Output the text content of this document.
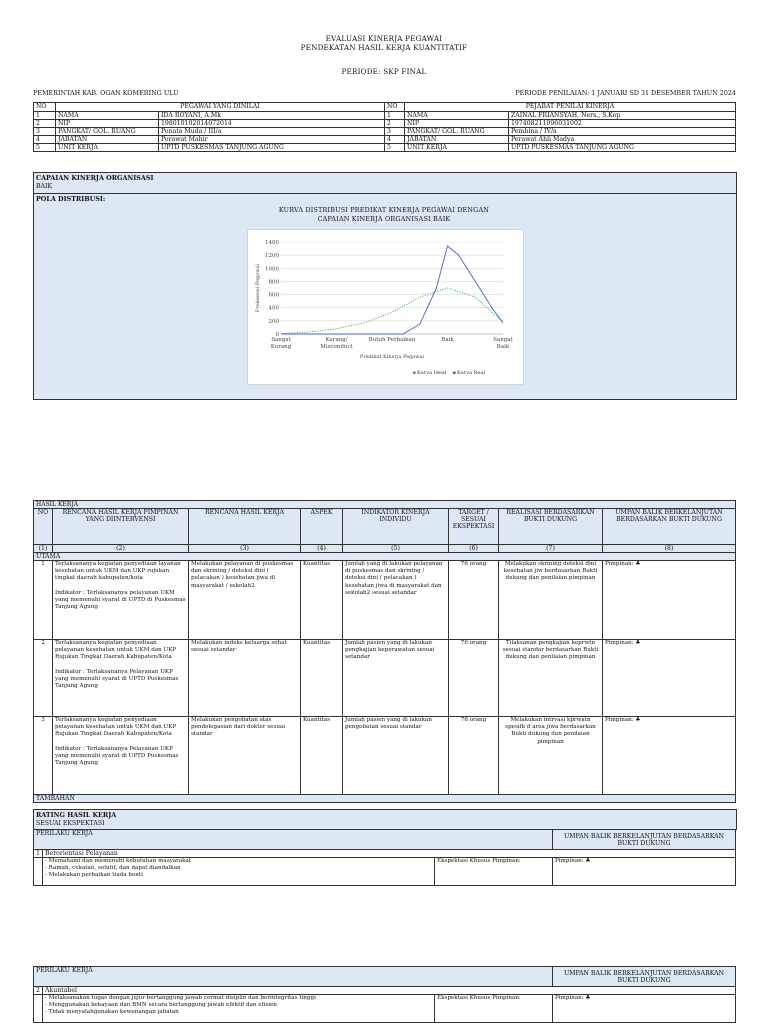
EVALUASI KINERJA PEGAWAI
PENDEKATAN HASIL KERJA KUANTITATIF
PERIODE: SKP FINAL
PEMERINTAH KAB. OGAN KOMERING ULU	PERIODE PENILAIAN: 1 JANUARI SD 31 DESEMBER TAHUN 2024
NO	PEGAWAI YANG DINILAI		NO	PEJABAT PENILAI KINERJA	
1	NAMA	IDA ROYANI, A.Mk	1	NAMA	ZAINAL FRIANSYAH, Ners., S.Kep
2	NIP	198010102014072014	2	NIP	197408211996031002
3	PANGKAT/ GOL. RUANG	Penata Muda / III/a	3	PANGKAT/ GOL. RUANG	Pembina / IV/a
4	JABATAN	Perawat Mahir	4	JABATAN	Perawat Ahli Madya
5	UNIT KERJA	UPTD PUSKESMAS TANJUNG AGUNG	5	UNIT KERJA	UPTD PUSKESMAS TANJUNG AGUNG
CAPAIAN KINERJA ORGANISASI
BAIK
POLA DISTRIBUSI:
KURVA DISTRIBUSI PREDIKAT KINERJA PEGAWAI DENGAN
CAPAIAN KINERJA ORGANISASI BAIK
0
200
400
600
800
1000
1200
1400
Sangat
Kurang
Kurang/
Misconduct
Butuh Perbaikan	Baik	Sangat
Baik
Predikat Kinerja Pegawai
Frekuensi Pegawai
Kurva Ideal Kurva Real
HASIL KERJA							
NO	RENCANA HASIL KERJA PIMPINAN YANG DIINTERVENSI	RENCANA HASIL KERJA	ASPEK	INDIKATOR KINERJA INDIVIDU	TARGET / SESUAI EKSPEKTASI	REALISASI BERDASARKAN BUKTI DUKUNG	UMPAN BALIK BERKELANJUTAN BERDASARKAN BUKTI DUKUNG
(1)	(2)	(3)	(4)	(5)	(6)	(7)	(8)
UTAMA							
1	Terlaksananya kegiatan penyediaan layanan kesehatan untuk UKM dan UKP rujukan tingkat daerah kabupaten/kota
Indikator : Terlaksananya pelayanan UKM yang memenuhi syarat di UPTD di Puskesmas Tanjung Agung	Melakukan pelayanan di puskesmas dan skrining / deteksi dini ( pelacakan ) kesehatan jiwa di masyarakat / sekolah2	Kuantitas	Jumlah yang di lakukan pelayanan di puskesmas dan skrining / deteksi dini ( pelacakan ) kesehatan jiwa di masyarakat dan sekolah2 sesuai setandar	76 orang	Melakukan skrining deteksi dini kesehatan jiw berdasarkan Bukti dukung dan penilaian pimpinan	Pimpinan: ♣
2	Terlaksananya kegiatan penyediaan pelayanan kesehatan untuk UKM dan UKP Rujukan Tingkat Daerah Kabupaten/Kota
Indikator : Terlaksananya Pelayanan UKP yang memenuhi syarat di UPTD Puskesmas Tanjung Agung	Melakukan indeks keluarga sehat sesuai setandar	Kuantitas	Jumlah pasien yang di lakukan pengkajian keperawatan sesuai setandar	76 orang	Tilaksanan pengkajian keprwtn sesuai standar berdasarkan Bukti dukung dan penilaian pimpinan	Pimpinan: ♣
3	Terlaksananya kegiatan penyediaan pelayanan kesehatan untuk UKM dan UKP Rujukan Tingkat Daerah Kabupaten/Kota
Indikator : Terlaksananya Pelayanan UKP yang memenuhi syarat di UPTD Puskesmas Tanjung Agung	Melakukan pengobatan atas pendelegasian dari dokter sesuai standar	Kuantitas	Jumlah pasien yang di lakukan pengobatan sesuai standar	76 orang	Melakukan intrvasi kprwatn spesifk d area jiwa berdasarkan Bukti dukung dan penilaian pimpinan	Pimpinan: ♣
TAMBAHAN							
RATING HASIL KERJA
SESUAI EKSPEKTASI
PERILAKU KERJA			UMPAN BALIK BERKELANJUTAN BERDASARKAN BUKTI DUKUNG
1	Berorientasi Pelayanan		

	- Memahami dan memenuhi kebutuhan masyarakat
- Ramah, cekatan, solutif, dan dapat diandalkan
- Melakukan perbaikan tiada henti	Ekspektasi Khusus Pimpinan:	Pimpinan: ♣
PERILAKU KERJA			UMPAN BALIK BERKELANJUTAN BERDASARKAN BUKTI DUKUNG
2	Akuntabel		

	- Melaksanakan tugas dengan jujur bertanggung jawab cermat disiplin dan berintegritas tinggi
- Menggunakan kekayaan dan BMN secara bertanggung jawab efektif dan efisien
- Tidak menyalahgunakan kewenangan jabatan	Ekspektasi Khusus Pimpinan:	Pimpinan: ♣
